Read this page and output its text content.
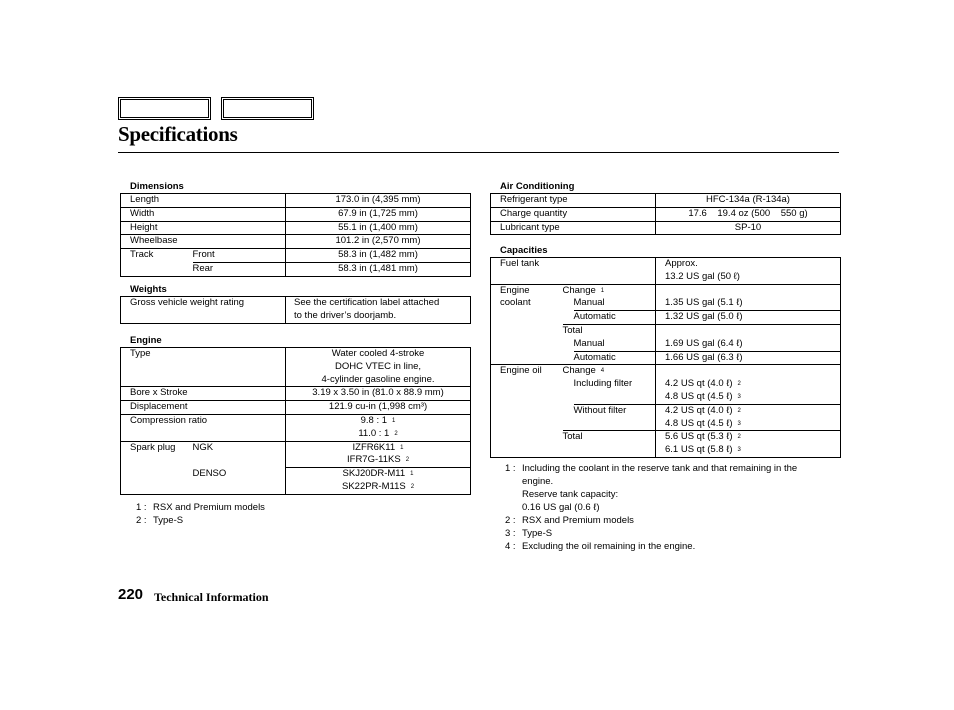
Specifications
Dimensions
Length		173.0 in (4,395 mm)
Width		67.9 in (1,725 mm)
Height		55.1 in (1,400 mm)
Wheelbase		101.2 in (2,570 mm)
Track	Front	58.3 in (1,482 mm)
	Rear	58.3 in (1,481 mm)
Weights
Gross vehicle weight rating	See the certification label attached
to the driver’s doorjamb.
Engine
Type		Water cooled 4-stroke
DOHC VTEC in line,
4-cylinder gasoline engine.

Bore x Stroke		3.19 x 3.50 in (81.0 x 88.9 mm)
Displacement		121.9 cu-in (1,998 cm³)
Compression ratio		9.8 : 1 $^1$
11.0 : 1 $^2$

Spark plug	NGK	IZFR6K11 $^1$
IFR7G-11KS $^2$

	DENSO	SKJ20DR-M11 $^1$
SK22PR-M11S $^2$
1 : RSX and Premium models
2 : Type-S
Air Conditioning
Refrigerant type	HFC-134a (R-134a)
Charge quantity	17.6    19.4 oz (500    550 g)
Lubricant type	SP-10
Capacities
Fuel tank			Approx.
13.2 US gal (50 ℓ)

Engine
coolant	Change $^1$	
		Manual	1.35 US gal (5.1 ℓ)
		Automatic	1.32 US gal (5.0 ℓ)
	Total		
		Manual	1.69 US gal (6.4 ℓ)
		Automatic	1.66 US gal (6.3 ℓ)
Engine oil	Change $^4$	
		Including filter	4.2 US qt (4.0 ℓ) $^2$
4.8 US qt (4.5 ℓ) $^3$

		Without filter	4.2 US qt (4.0 ℓ) $^2$
4.8 US qt (4.5 ℓ) $^3$

	Total		5.6 US qt (5.3 ℓ) $^2$
6.1 US qt (5.8 ℓ) $^3$
1 : Including the coolant in the reserve tank and that remaining in the
engine.
Reserve tank capacity:
0.16 US gal (0.6 ℓ)
2 : RSX and Premium models
3 : Type-S
4 : Excluding the oil remaining in the engine.
220 Technical Information
